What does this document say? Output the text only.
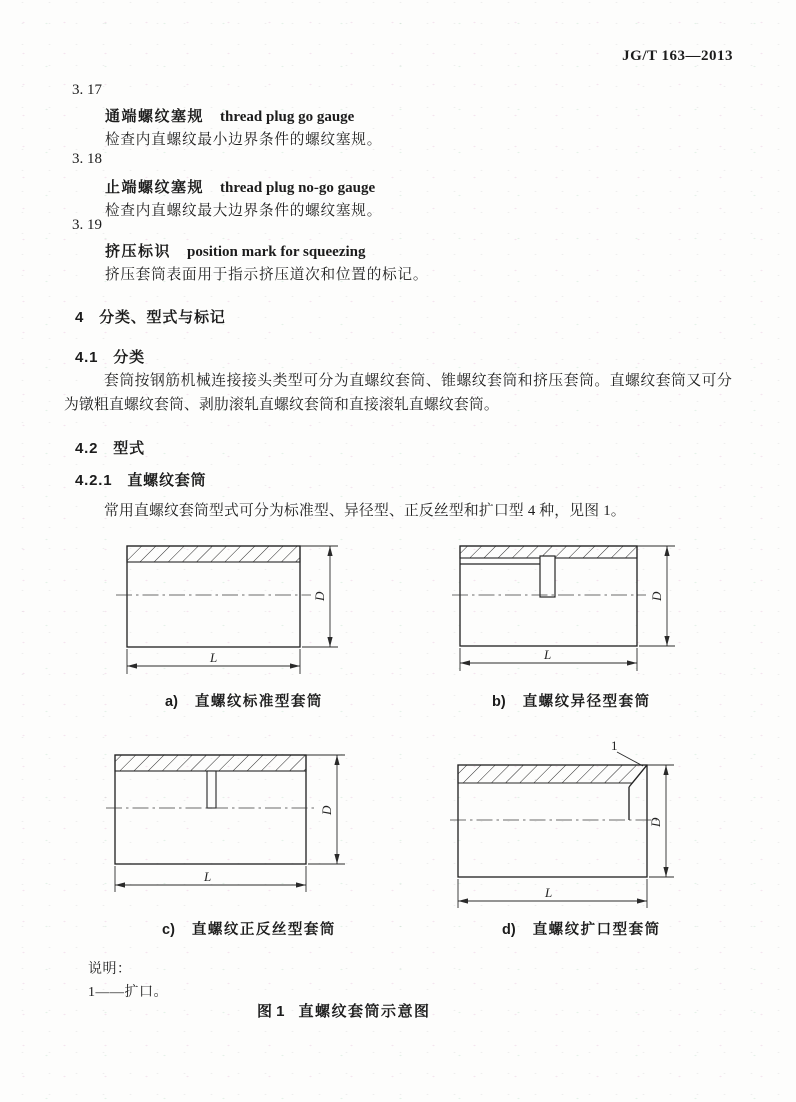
JG/T 163—2013
3. 17
通端螺纹塞规 thread plug go gauge
检查内直螺纹最小边界条件的螺纹塞规。
3. 18
止端螺纹塞规 thread plug no-go gauge
检查内直螺纹最大边界条件的螺纹塞规。
3. 19
挤压标识 position mark for squeezing
挤压套筒表面用于指示挤压道次和位置的标记。
4 分类、型式与标记
4.1 分类

套筒按钢筋机械连接接头类型可分为直螺纹套筒、锥螺纹套筒和挤压套筒。直螺纹套筒又可分为镦粗直螺纹套筒、剥肋滚轧直螺纹套筒和直接滚轧直螺纹套筒。

4.2 型式
4.2.1 直螺纹套筒

常用直螺纹套筒型式可分为标准型、异径型、正反丝型和扩口型 4 种，见图 1。

D
L
a) 直螺纹标准型套筒
D
L
b) 直螺纹异径型套筒
D
L
c) 直螺纹正反丝型套筒
1
D
L
d) 直螺纹扩口型套筒
说明：
1——扩口。
图 1 直螺纹套筒示意图
